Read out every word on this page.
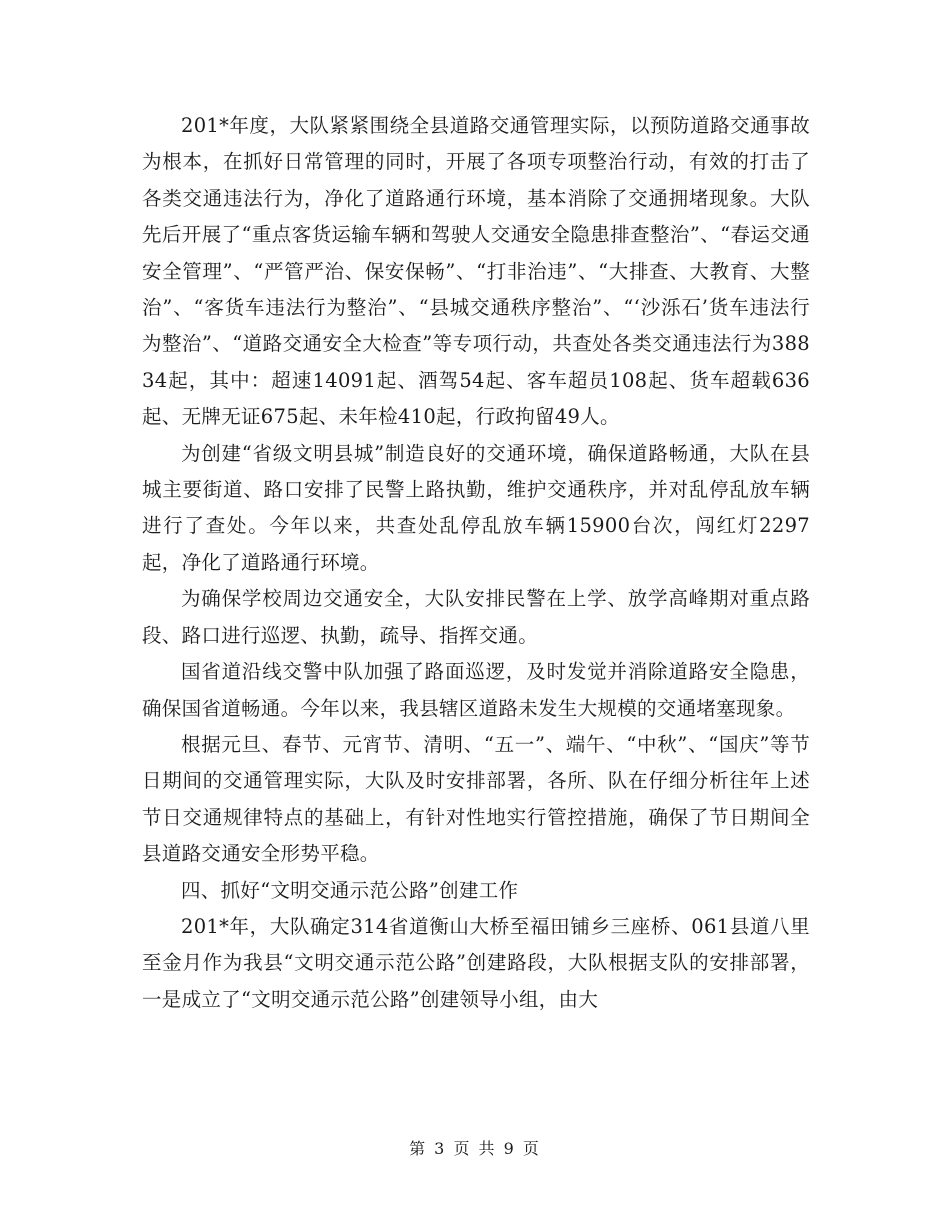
201*年度，大队紧紧围绕全县道路交通管理实际，以预防道路交通事故为根本，在抓好日常管理的同时，开展了各项专项整治行动，有效的打击了各类交通违法行为，净化了道路通行环境，基本消除了交通拥堵现象。大队先后开展了“重点客货运输车辆和驾驶人交通安全隐患排查整治”、“春运交通安全管理”、“严管严治、保安保畅”、“打非治违”、“大排查、大教育、大整治”、“客货车违法行为整治”、“县城交通秩序整治”、“‘沙泺石’货车违法行为整治”、“道路交通安全大检查”等专项行动，共查处各类交通违法行为38834起，其中：超速14091起、酒驾54起、客车超员108起、货车超载636起、无牌无证675起、未年检410起，行政拘留49人。

为创建“省级文明县城”制造良好的交通环境，确保道路畅通，大队在县城主要街道、路口安排了民警上路执勤，维护交通秩序，并对乱停乱放车辆进行了查处。今年以来，共查处乱停乱放车辆15900台次，闯红灯2297起，净化了道路通行环境。

为确保学校周边交通安全，大队安排民警在上学、放学高峰期对重点路段、路口进行巡逻、执勤，疏导、指挥交通。

国省道沿线交警中队加强了路面巡逻，及时发觉并消除道路安全隐患，确保国省道畅通。今年以来，我县辖区道路未发生大规模的交通堵塞现象。

根据元旦、春节、元宵节、清明、“五一”、端午、“中秋”、“国庆”等节日期间的交通管理实际，大队及时安排部署，各所、队在仔细分析往年上述节日交通规律特点的基础上，有针对性地实行管控措施，确保了节日期间全县道路交通安全形势平稳。

四、抓好“文明交通示范公路”创建工作

201*年，大队确定314省道衡山大桥至福田铺乡三座桥、061县道八里至金月作为我县“文明交通示范公路”创建路段，大队根据支队的安排部署，一是成立了“文明交通示范公路”创建领导小组，由大

第 3 页 共 9 页
